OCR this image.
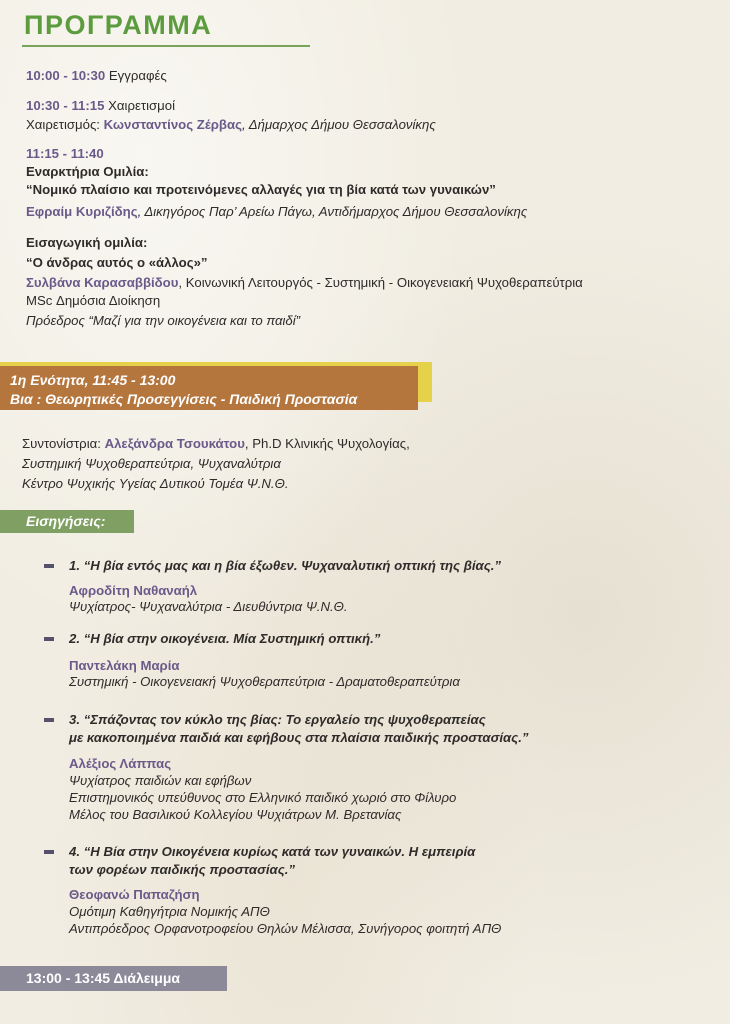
ΠΡΟΓΡΑΜΜΑ
10:00 - 10:30 Εγγραφές
10:30 - 11:15 Χαιρετισμοί
Χαιρετισμός: Κωνσταντίνος Ζέρβας, Δήμαρχος Δήμου Θεσσαλονίκης
11:15 - 11:40
Εναρκτήρια Ομιλία:
“Νομικό πλαίσιο και προτεινόμενες αλλαγές για τη βία κατά των γυναικών”
Εφραίμ Κυριζίδης, Δικηγόρος Παρ’ Αρείω Πάγω, Αντιδήμαρχος Δήμου Θεσσαλονίκης
Εισαγωγική ομιλία:
“Ο άνδρας αυτός ο «άλλος»”
Συλβάνα Καρασαββίδου, Κοινωνική Λειτουργός - Συστημική - Οικογενειακή Ψυχοθεραπεύτρια
MSc Δημόσια Διοίκηση
Πρόεδρος “Μαζί για την οικογένεια και το παιδί”
1η Ενότητα, 11:45 - 13:00
Βια : Θεωρητικές Προσεγγίσεις - Παιδική Προστασία
Συντονίστρια: Αλεξάνδρα Τσουκάτου, Ph.D Κλινικής Ψυχολογίας,
Συστημική Ψυχοθεραπεύτρια, Ψυχαναλύτρια
Κέντρο Ψυχικής Υγείας Δυτικού Τομέα Ψ.Ν.Θ.
Εισηγήσεις:
1. “Η βία εντός μας και η βία έξωθεν. Ψυχαναλυτική οπτική της βίας.”
Αφροδίτη Ναθαναήλ
Ψυχίατρος- Ψυχαναλύτρια - Διευθύντρια Ψ.Ν.Θ.
2. “Η βία στην οικογένεια. Μία Συστημική οπτική.”
Παντελάκη Μαρία
Συστημική - Οικογενειακή Ψυχοθεραπεύτρια - Δραματοθεραπεύτρια
3. “Σπάζοντας τον κύκλο της βίας: Το εργαλείο της ψυχοθεραπείας
με κακοποιημένα παιδιά και εφήβους στα πλαίσια παιδικής προστασίας.”
Αλέξιος Λάππας
Ψυχίατρος παιδιών και εφήβων
Επιστημονικός υπεύθυνος στο Ελληνικό παιδικό χωριό στο Φίλυρο
Μέλος του Βασιλικού Κολλεγίου Ψυχιάτρων Μ. Βρετανίας
4. “Η Βία στην Οικογένεια κυρίως κατά των γυναικών. Η εμπειρία
των φορέων παιδικής προστασίας.”
Θεοφανώ Παπαζήση
Ομότιμη Καθηγήτρια Νομικής ΑΠΘ
Αντιπρόεδρος Ορφανοτροφείου Θηλών Μέλισσα, Συνήγορος φοιτητή ΑΠΘ
13:00 - 13:45 Διάλειμμα
